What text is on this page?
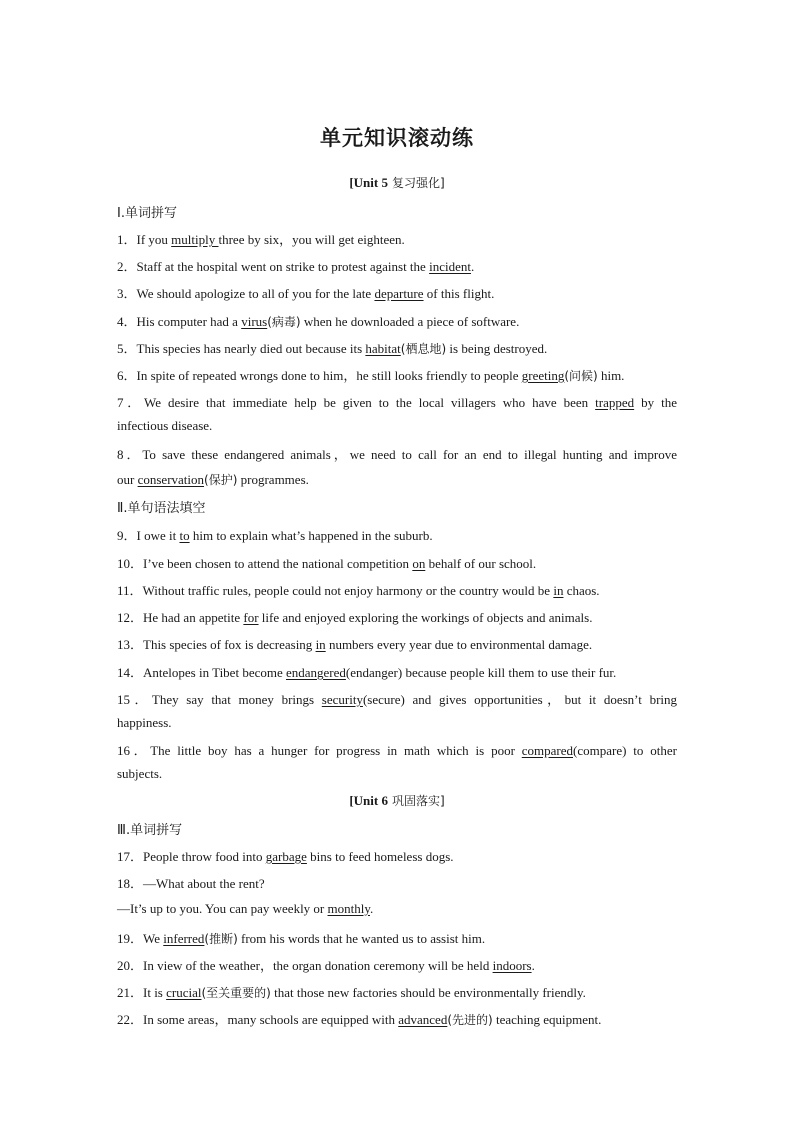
单元知识滚动练
[Unit 5 复习强化]
Ⅰ.单词拼写
1．If you multiply three by six，you will get eighteen.
2．Staff at the hospital went on strike to protest against the incident.
3．We should apologize to all of you for the late departure of this flight.
4．His computer had a virus(病毒) when he downloaded a piece of software.
5．This species has nearly died out because its habitat(栖息地) is being destroyed.
6．In spite of repeated wrongs done to him，he still looks friendly to people greeting(问候) him.
7．We desire that immediate help be given to the local villagers who have been trapped by the
infectious disease.
8．To save these endangered animals，we need to call for an end to illegal hunting and improve
our conservation(保护) programmes.
Ⅱ.单句语法填空
9．I owe it to him to explain what’s happened in the suburb.
10．I’ve been chosen to attend the national competition on behalf of our school.
11．Without traffic rules, people could not enjoy harmony or the country would be in chaos.
12．He had an appetite for life and enjoyed exploring the workings of objects and animals.
13．This species of fox is decreasing in numbers every year due to environmental damage.
14．Antelopes in Tibet become endangered(endanger) because people kill them to use their fur.
15．They say that money brings security(secure) and gives opportunities，but it doesn’t bring
happiness.
16．The little boy has a hunger for progress in math which is poor compared(compare) to other
subjects.
[Unit 6 巩固落实]
Ⅲ.单词拼写
17．People throw food into garbage bins to feed homeless dogs.
18．—What about the rent?
—It’s up to you. You can pay weekly or monthly.
19．We inferred(推断) from his words that he wanted us to assist him.
20．In view of the weather，the organ donation ceremony will be held indoors.
21．It is crucial(至关重要的) that those new factories should be environmentally friendly.
22．In some areas，many schools are equipped with advanced(先进的) teaching equipment.
